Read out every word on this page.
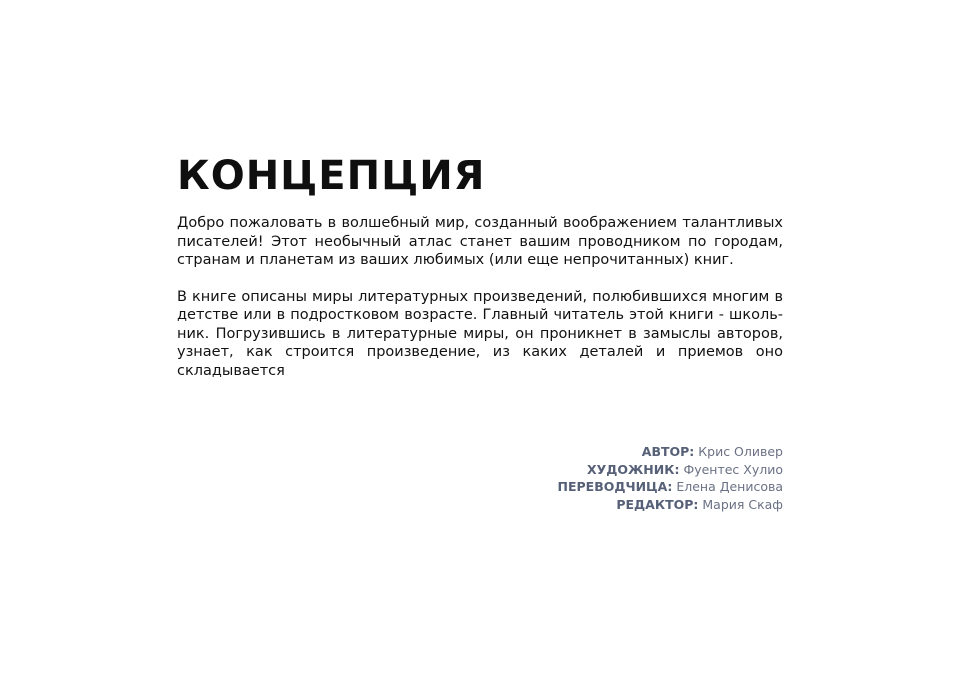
КОНЦЕПЦИЯ

Добро пожаловать в волшебный мир, созданный воображением талантливых писателей! Этот необычный атлас станет вашим проводником по городам, странам и планетам из ваших любимых (или еще непрочитанных) книг.

В книге описаны миры литературных произведений, полюбившихся многим в детстве или в подростковом возрасте. Главный читатель этой книги - школь-ник. Погрузившись в литературные миры, он проникнет в замыслы авторов, узнает, как строится произведение, из каких деталей и приемов оно складывается

АВТОР: Крис Оливер
ХУДОЖНИК: Фуентес Хулио
ПЕРЕВОДЧИЦА: Елена Денисова
РЕДАКТОР: Мария Скаф
